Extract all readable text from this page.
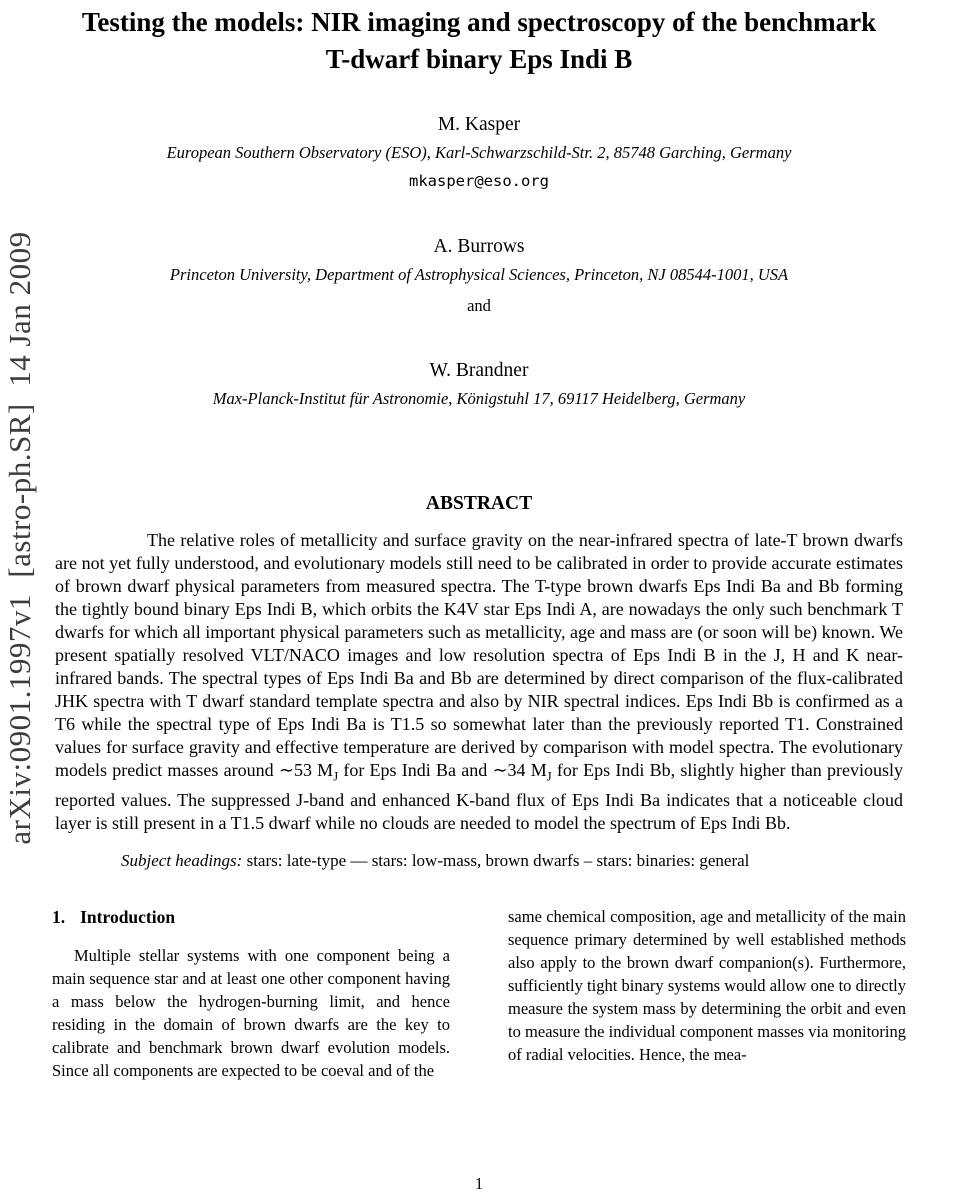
arXiv:0901.1997v1  [astro-ph.SR]  14 Jan 2009
Testing the models: NIR imaging and spectroscopy of the benchmark T-dwarf binary Eps Indi B
M. Kasper
European Southern Observatory (ESO), Karl-Schwarzschild-Str. 2, 85748 Garching, Germany
mkasper@eso.org
A. Burrows
Princeton University, Department of Astrophysical Sciences, Princeton, NJ 08544-1001, USA
and
W. Brandner
Max-Planck-Institut für Astronomie, Königstuhl 17, 69117 Heidelberg, Germany
ABSTRACT

The relative roles of metallicity and surface gravity on the near-infrared spectra of late-T brown dwarfs are not yet fully understood, and evolutionary models still need to be calibrated in order to provide accurate estimates of brown dwarf physical parameters from measured spectra. The T-type brown dwarfs Eps Indi Ba and Bb forming the tightly bound binary Eps Indi B, which orbits the K4V star Eps Indi A, are nowadays the only such benchmark T dwarfs for which all important physical parameters such as metallicity, age and mass are (or soon will be) known. We present spatially resolved VLT/NACO images and low resolution spectra of Eps Indi B in the J, H and K near-infrared bands. The spectral types of Eps Indi Ba and Bb are determined by direct comparison of the flux-calibrated JHK spectra with T dwarf standard template spectra and also by NIR spectral indices. Eps Indi Bb is confirmed as a T6 while the spectral type of Eps Indi Ba is T1.5 so somewhat later than the previously reported T1. Constrained values for surface gravity and effective temperature are derived by comparison with model spectra. The evolutionary models predict masses around ∼53 $M_J$ for Eps Indi Ba and ∼34 $M_J$ for Eps Indi Bb, slightly higher than previously reported values. The suppressed J-band and enhanced K-band flux of Eps Indi Ba indicates that a noticeable cloud layer is still present in a T1.5 dwarf while no clouds are needed to model the spectrum of Eps Indi Bb.

Subject headings: stars: late-type — stars: low-mass, brown dwarfs – stars: binaries: general

1. Introduction

Multiple stellar systems with one component being a main sequence star and at least one other component having a mass below the hydrogen-burning limit, and hence residing in the domain of brown dwarfs are the key to calibrate and benchmark brown dwarf evolution models. Since all components are expected to be coeval and of the

same chemical composition, age and metallicity of the main sequence primary determined by well established methods also apply to the brown dwarf companion(s). Furthermore, sufficiently tight binary systems would allow one to directly measure the system mass by determining the orbit and even to measure the individual component masses via monitoring of radial velocities. Hence, the mea-

1
